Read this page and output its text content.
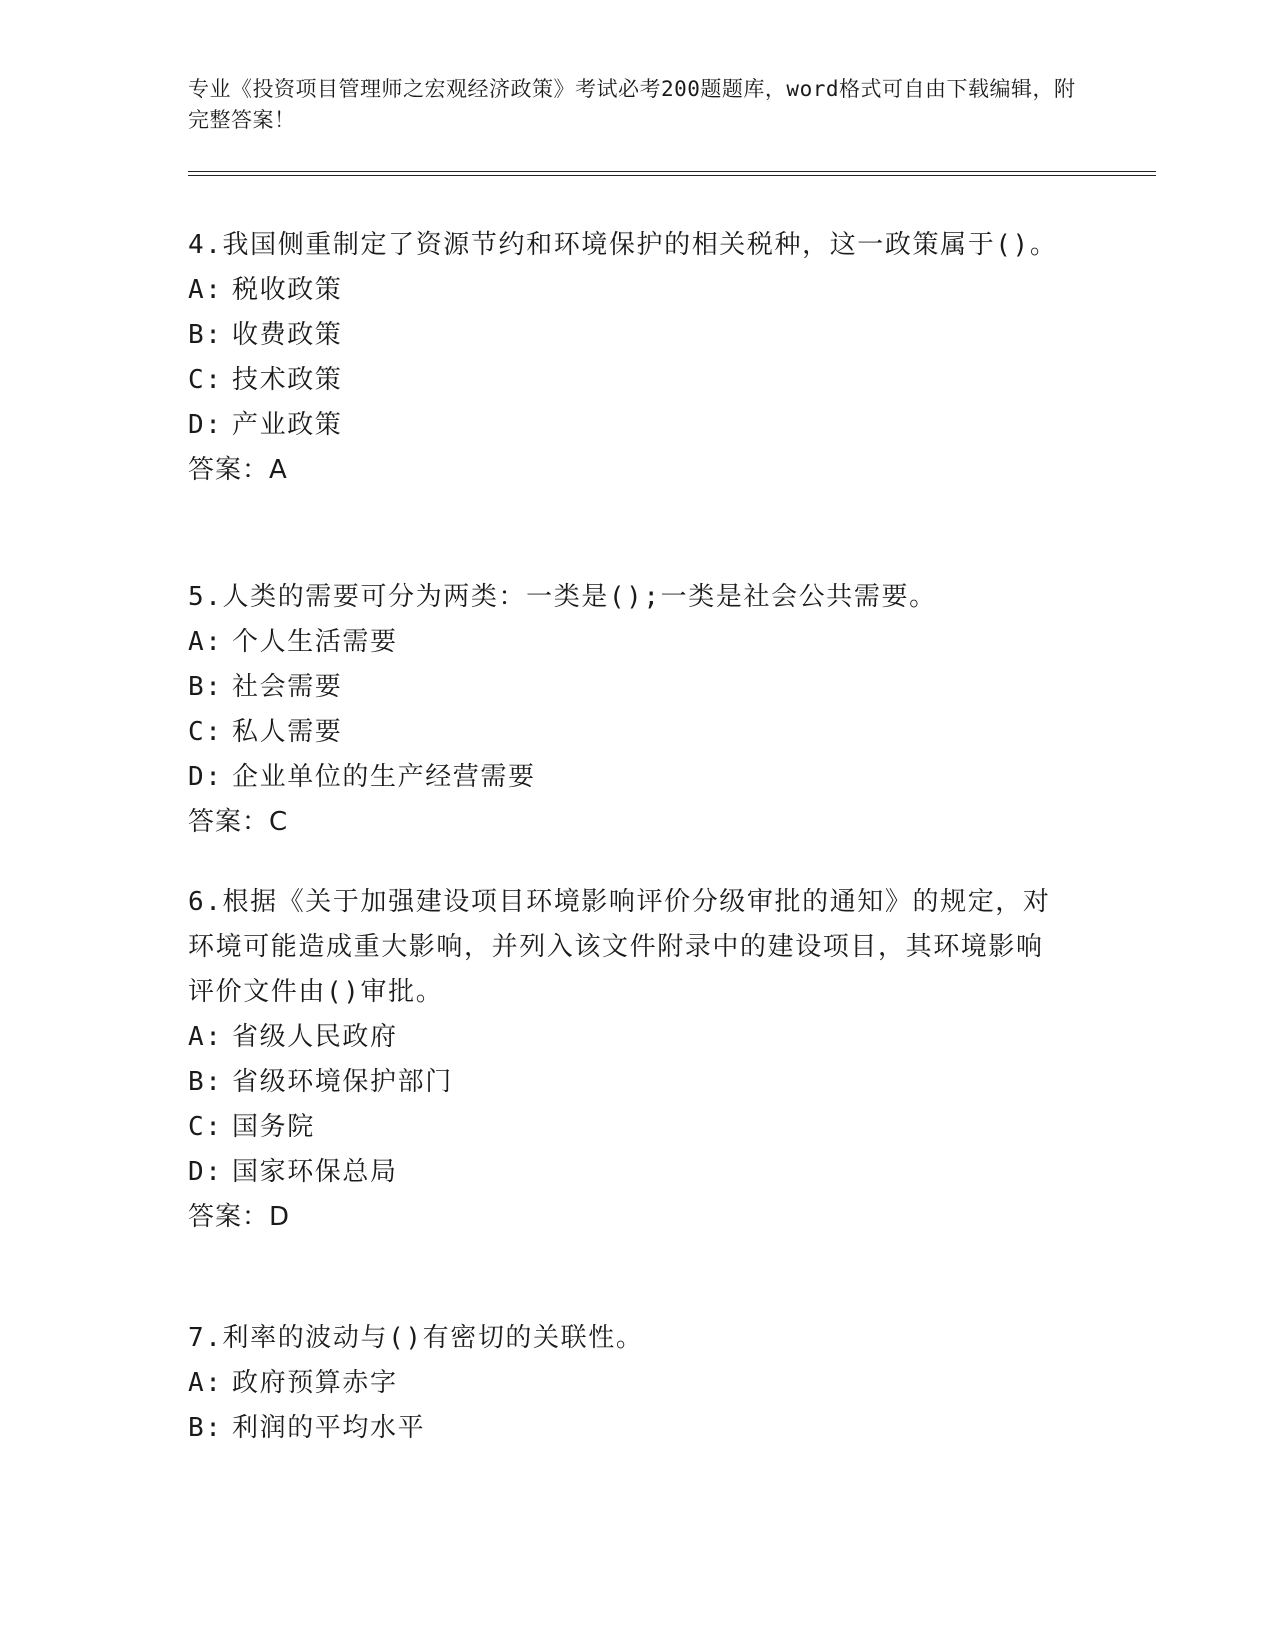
专业《投资项目管理师之宏观经济政策》考试必考200题题库，word格式可自由下载编辑，附完整答案！
4.我国侧重制定了资源节约和环境保护的相关税种，这一政策属于()。
A: 税收政策
B: 收费政策
C: 技术政策
D: 产业政策
答案：A
5.人类的需要可分为两类：一类是();一类是社会公共需要。
A: 个人生活需要
B: 社会需要
C: 私人需要
D: 企业单位的生产经营需要
答案：C
6.根据《关于加强建设项目环境影响评价分级审批的通知》的规定，对环境可能造成重大影响，并列入该文件附录中的建设项目，其环境影响评价文件由()审批。
A: 省级人民政府
B: 省级环境保护部门
C: 国务院
D: 国家环保总局
答案：D
7.利率的波动与()有密切的关联性。
A: 政府预算赤字
B: 利润的平均水平
